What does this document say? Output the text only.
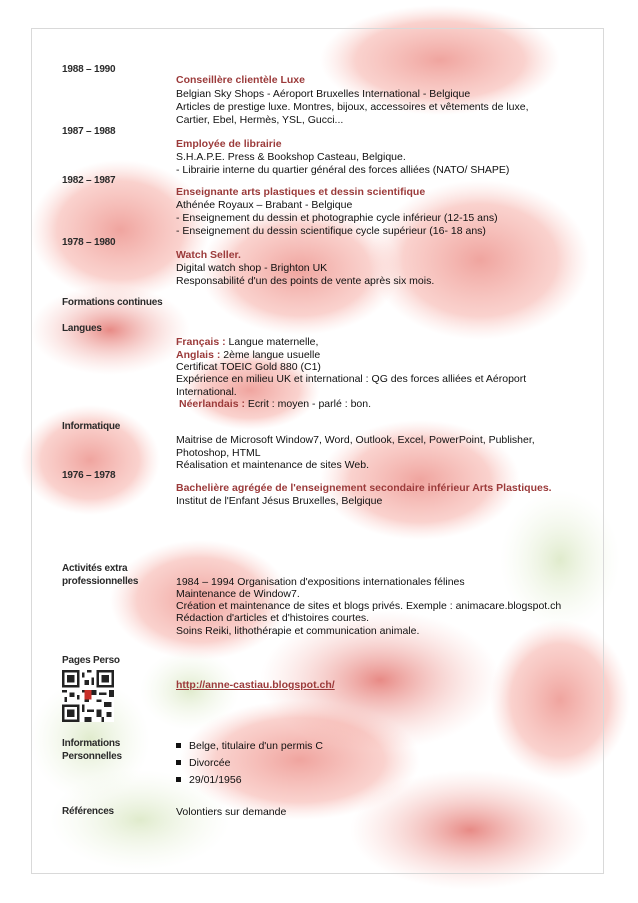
1988 – 1990
Conseillère clientèle Luxe
Belgian Sky Shops - Aéroport Bruxelles International - Belgique
Articles de prestige luxe. Montres, bijoux, accessoires et vêtements de luxe,
Cartier, Ebel, Hermès, YSL, Gucci...
1987 – 1988
Employée de librairie
S.H.A.P.E. Press & Bookshop Casteau, Belgique.
- Librairie interne du quartier général des forces alliées (NATO/ SHAPE)
1982 – 1987
Enseignante arts plastiques et dessin scientifique
Athénée Royaux – Brabant - Belgique
- Enseignement du dessin et photographie cycle inférieur (12-15 ans)
- Enseignement du dessin scientifique cycle supérieur (16- 18 ans)
1978 – 1980
Watch Seller.
Digital watch shop - Brighton UK
Responsabilité d'un des points de vente après six mois.
Formations continues
Langues
Français : Langue maternelle,
Anglais : 2ème langue usuelle
Certificat TOEIC Gold 880 (C1)
Expérience en milieu UK et international : QG des forces alliées et Aéroport
International.
Néerlandais : Ecrit : moyen - parlé : bon.
Informatique
Maitrise de Microsoft Window7, Word, Outlook, Excel, PowerPoint, Publisher,
Photoshop, HTML
Réalisation et maintenance de sites Web.
1976 – 1978
Bachelière agrégée de l'enseignement secondaire inférieur Arts Plastiques.
Institut de l'Enfant Jésus Bruxelles, Belgique
Activités extra
professionnelles	1984 – 1994 Organisation d'expositions internationales félines
Maintenance de Window7.
Création et maintenance de sites et blogs privés. Exemple : animacare.blogspot.ch
Rédaction d'articles et d'histoires courtes.
Soins Reiki, lithothérapie et communication animale.
Pages Perso
http://anne-castiau.blogspot.ch/
Informations
Personnelles
Belge, titulaire d'un permis C
Divorcée
29/01/1956
Références	Volontiers sur demande
